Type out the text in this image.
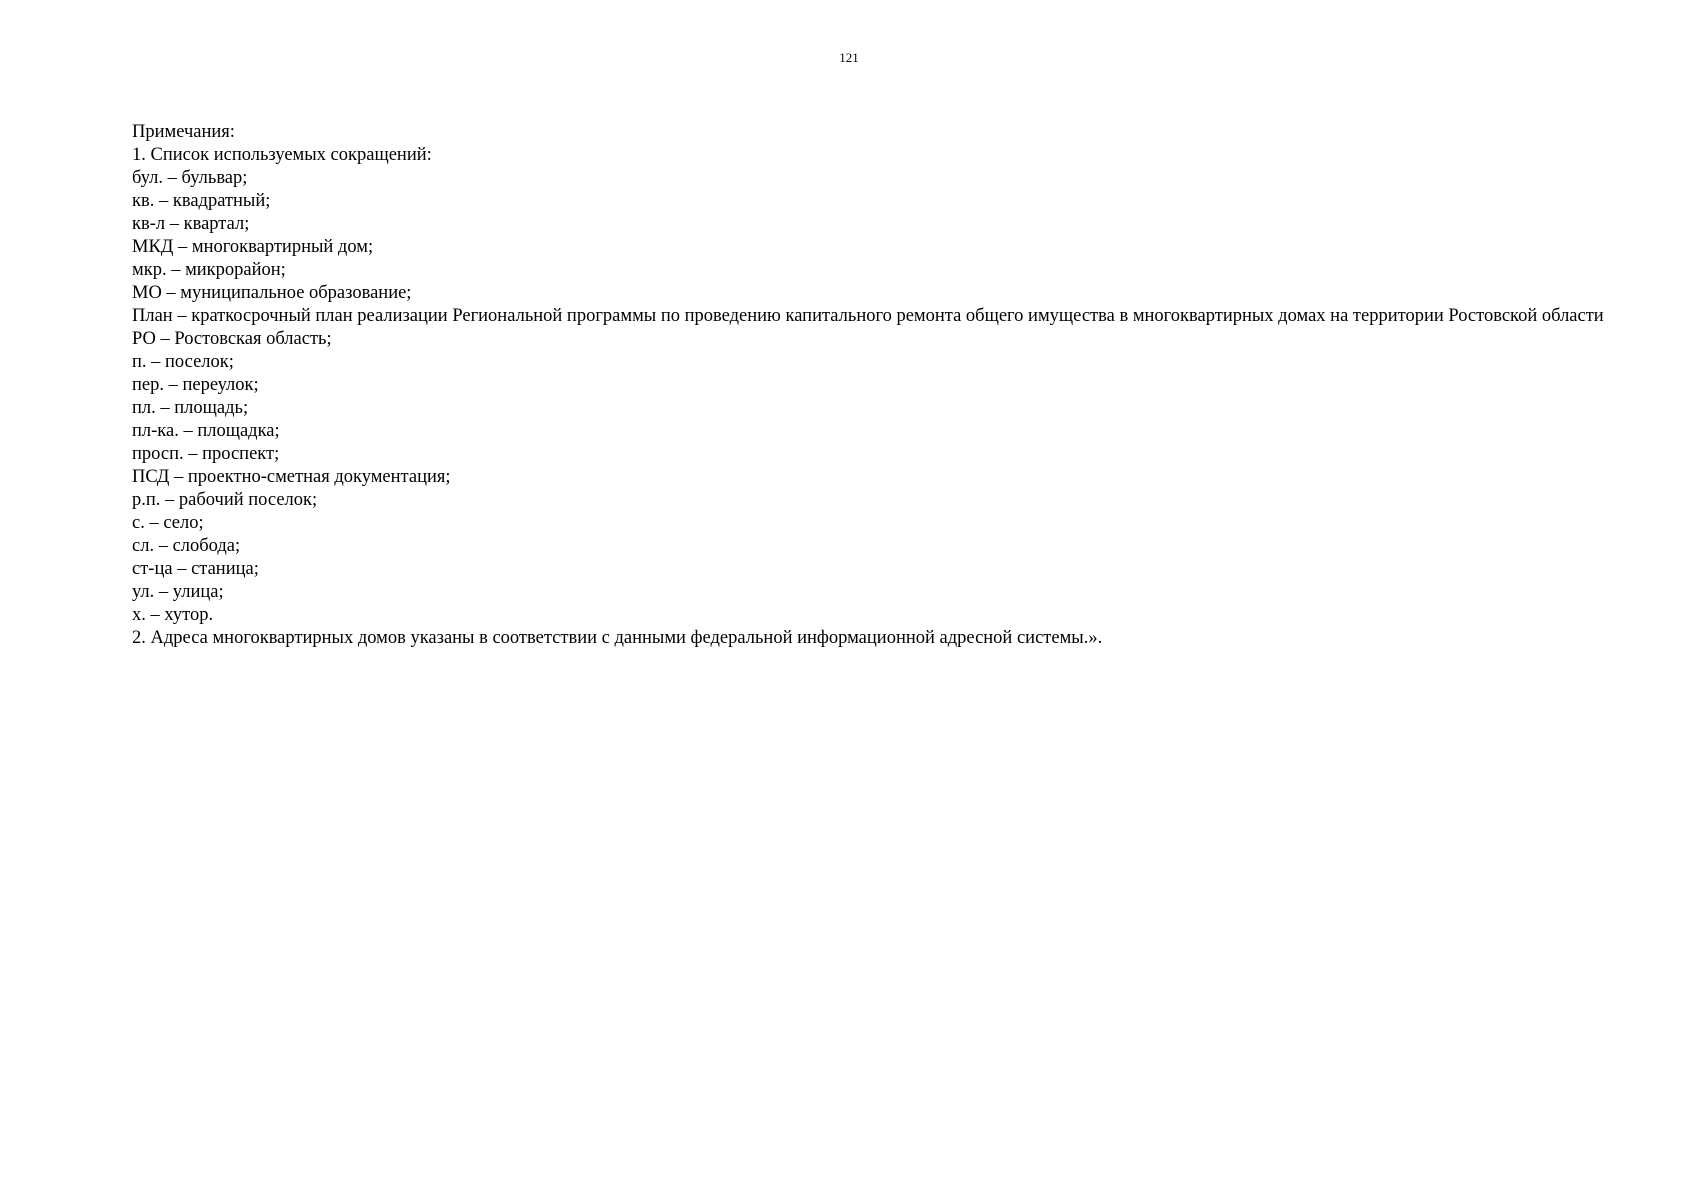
121
Примечания:
1. Список используемых сокращений:
бул. – бульвар;
кв. – квадратный;
кв-л – квартал;
МКД – многоквартирный дом;
мкр. – микрорайон;
МО – муниципальное образование;
План – краткосрочный план реализации Региональной программы по проведению капитального ремонта общего имущества в многоквартирных домах на территории Ростовской области
РО – Ростовская область;
п. – поселок;
пер. – переулок;
пл. – площадь;
пл-ка. – площадка;
просп. – проспект;
ПСД – проектно-сметная документация;
р.п. – рабочий поселок;
с. – село;
сл. – слобода;
ст-ца – станица;
ул. – улица;
х. – хутор.
2. Адреса многоквартирных домов указаны в соответствии с данными федеральной информационной адресной системы.».
